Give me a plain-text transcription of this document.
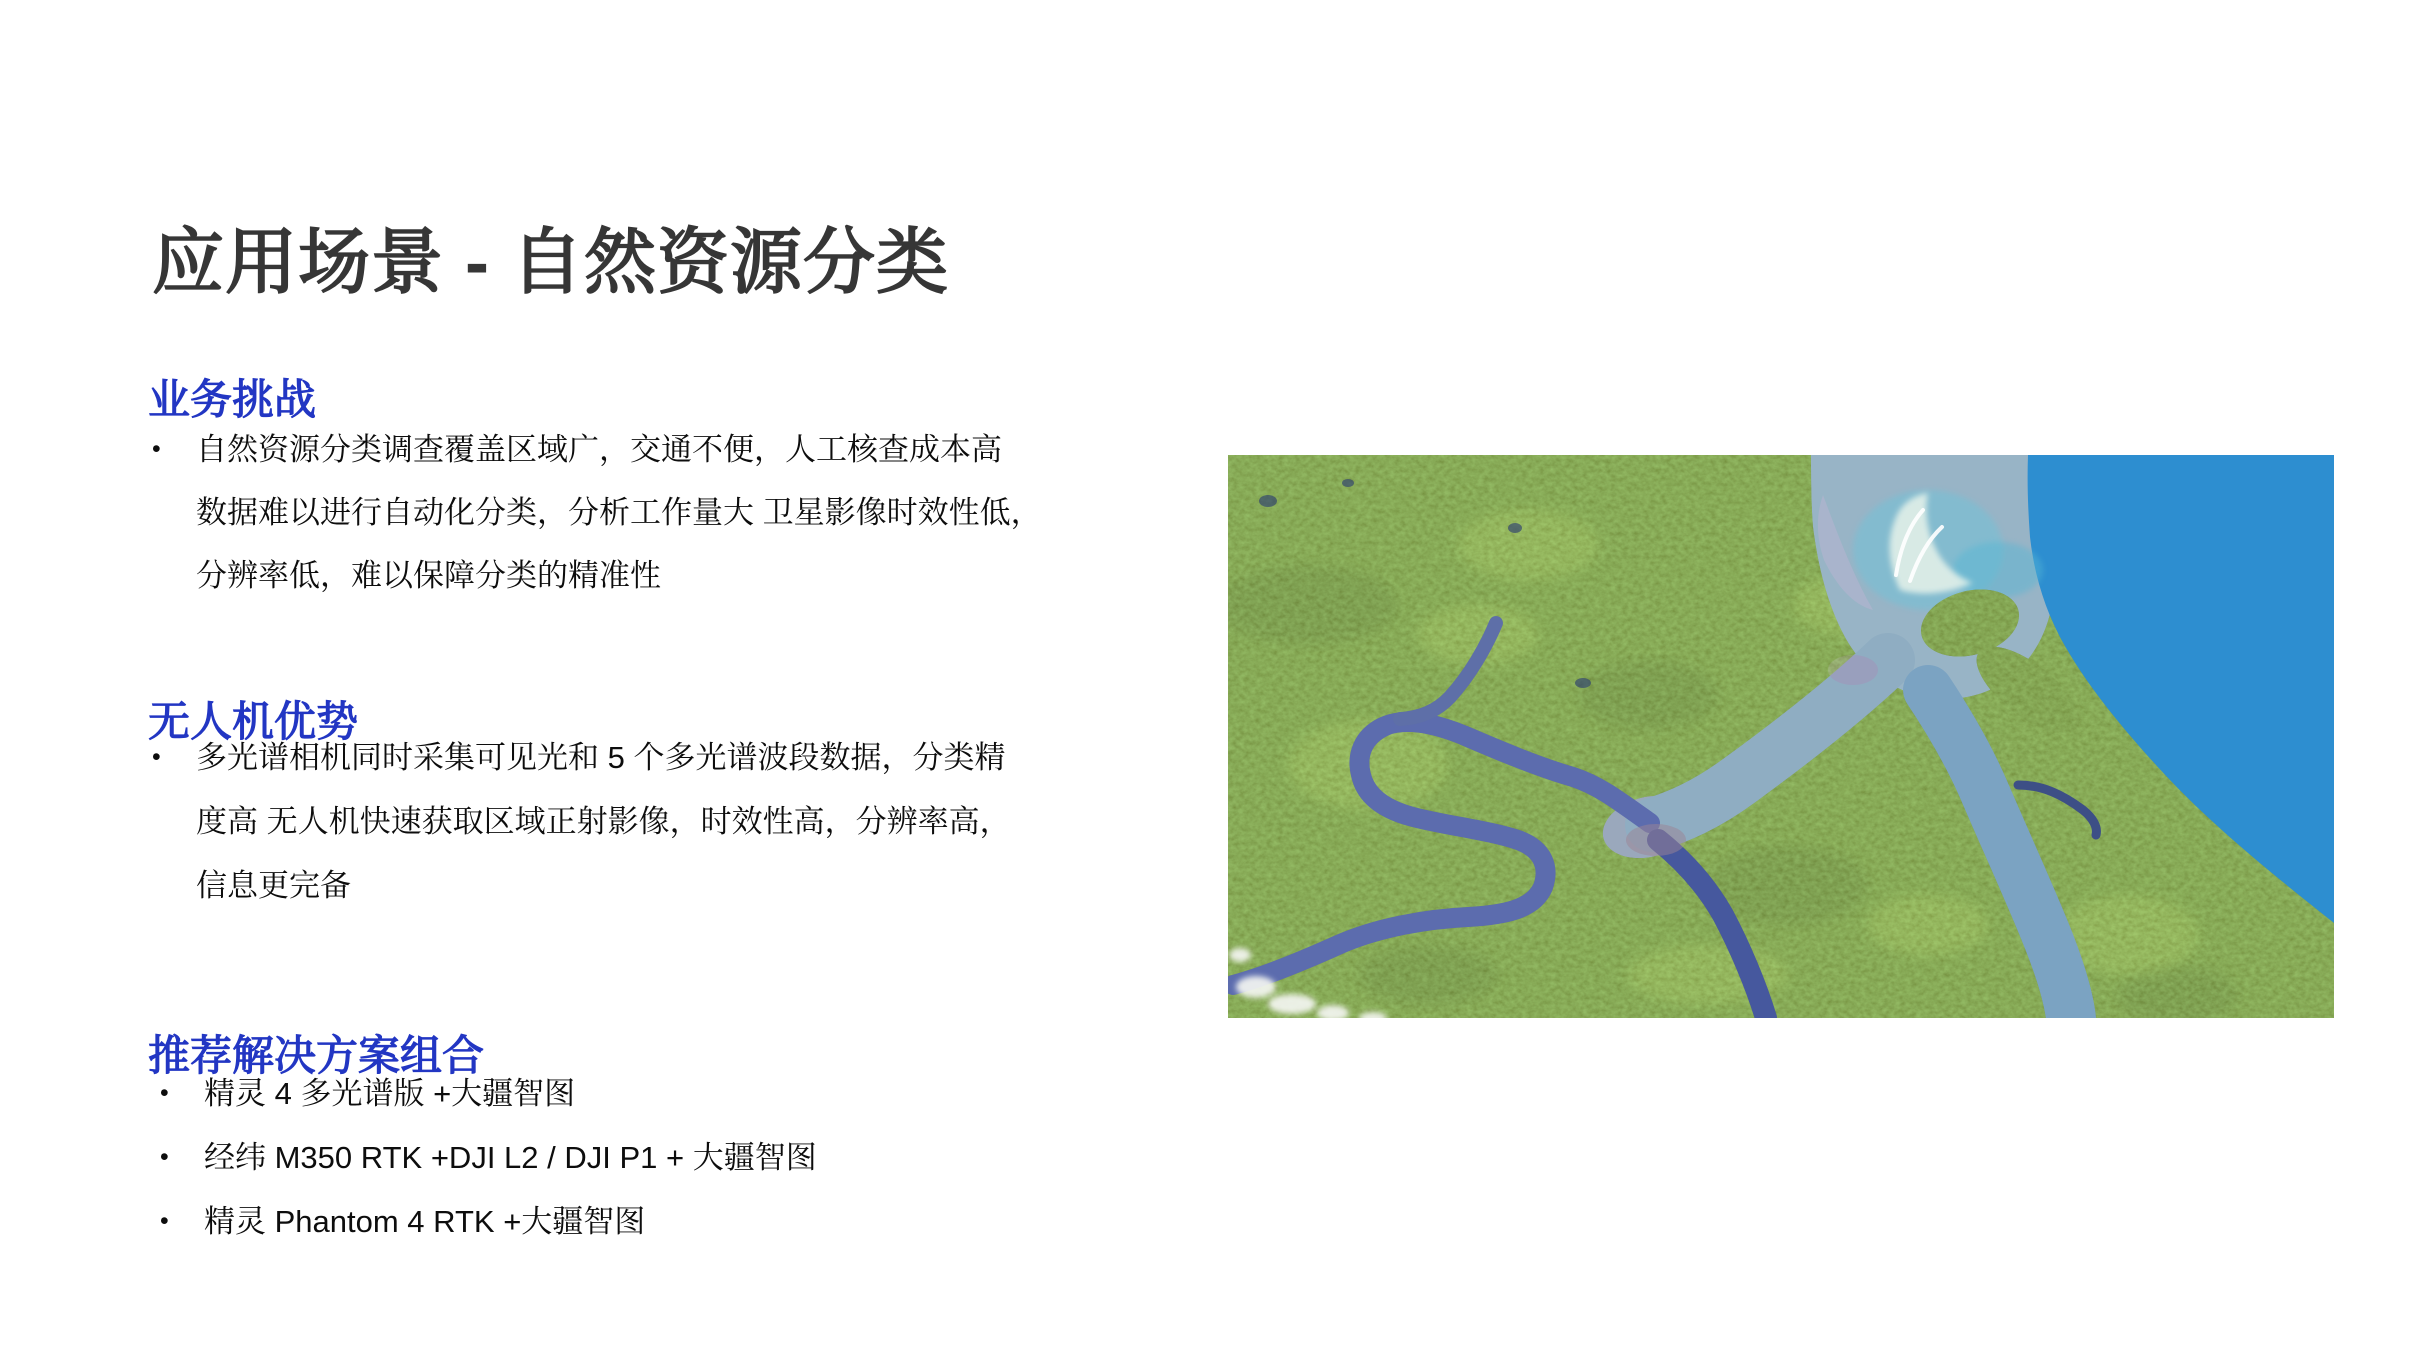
应用场景 - 自然资源分类
业务挑战
• 自然资源分类调查覆盖区域广，交通不便，人工核查成本高
数据难以进行自动化分类，分析工作量大 卫星影像时效性低，
分辨率低，难以保障分类的精准性
无人机优势
• 多光谱相机同时采集可见光和 5 个多光谱波段数据，分类精
度高 无人机快速获取区域正射影像，时效性高，分辨率高，
信息更完备
推荐解决方案组合
• 精灵 4 多光谱版 +大疆智图
• 经纬 M350 RTK +DJI L2 / DJI P1 + 大疆智图
• 精灵 Phantom 4 RTK +大疆智图
